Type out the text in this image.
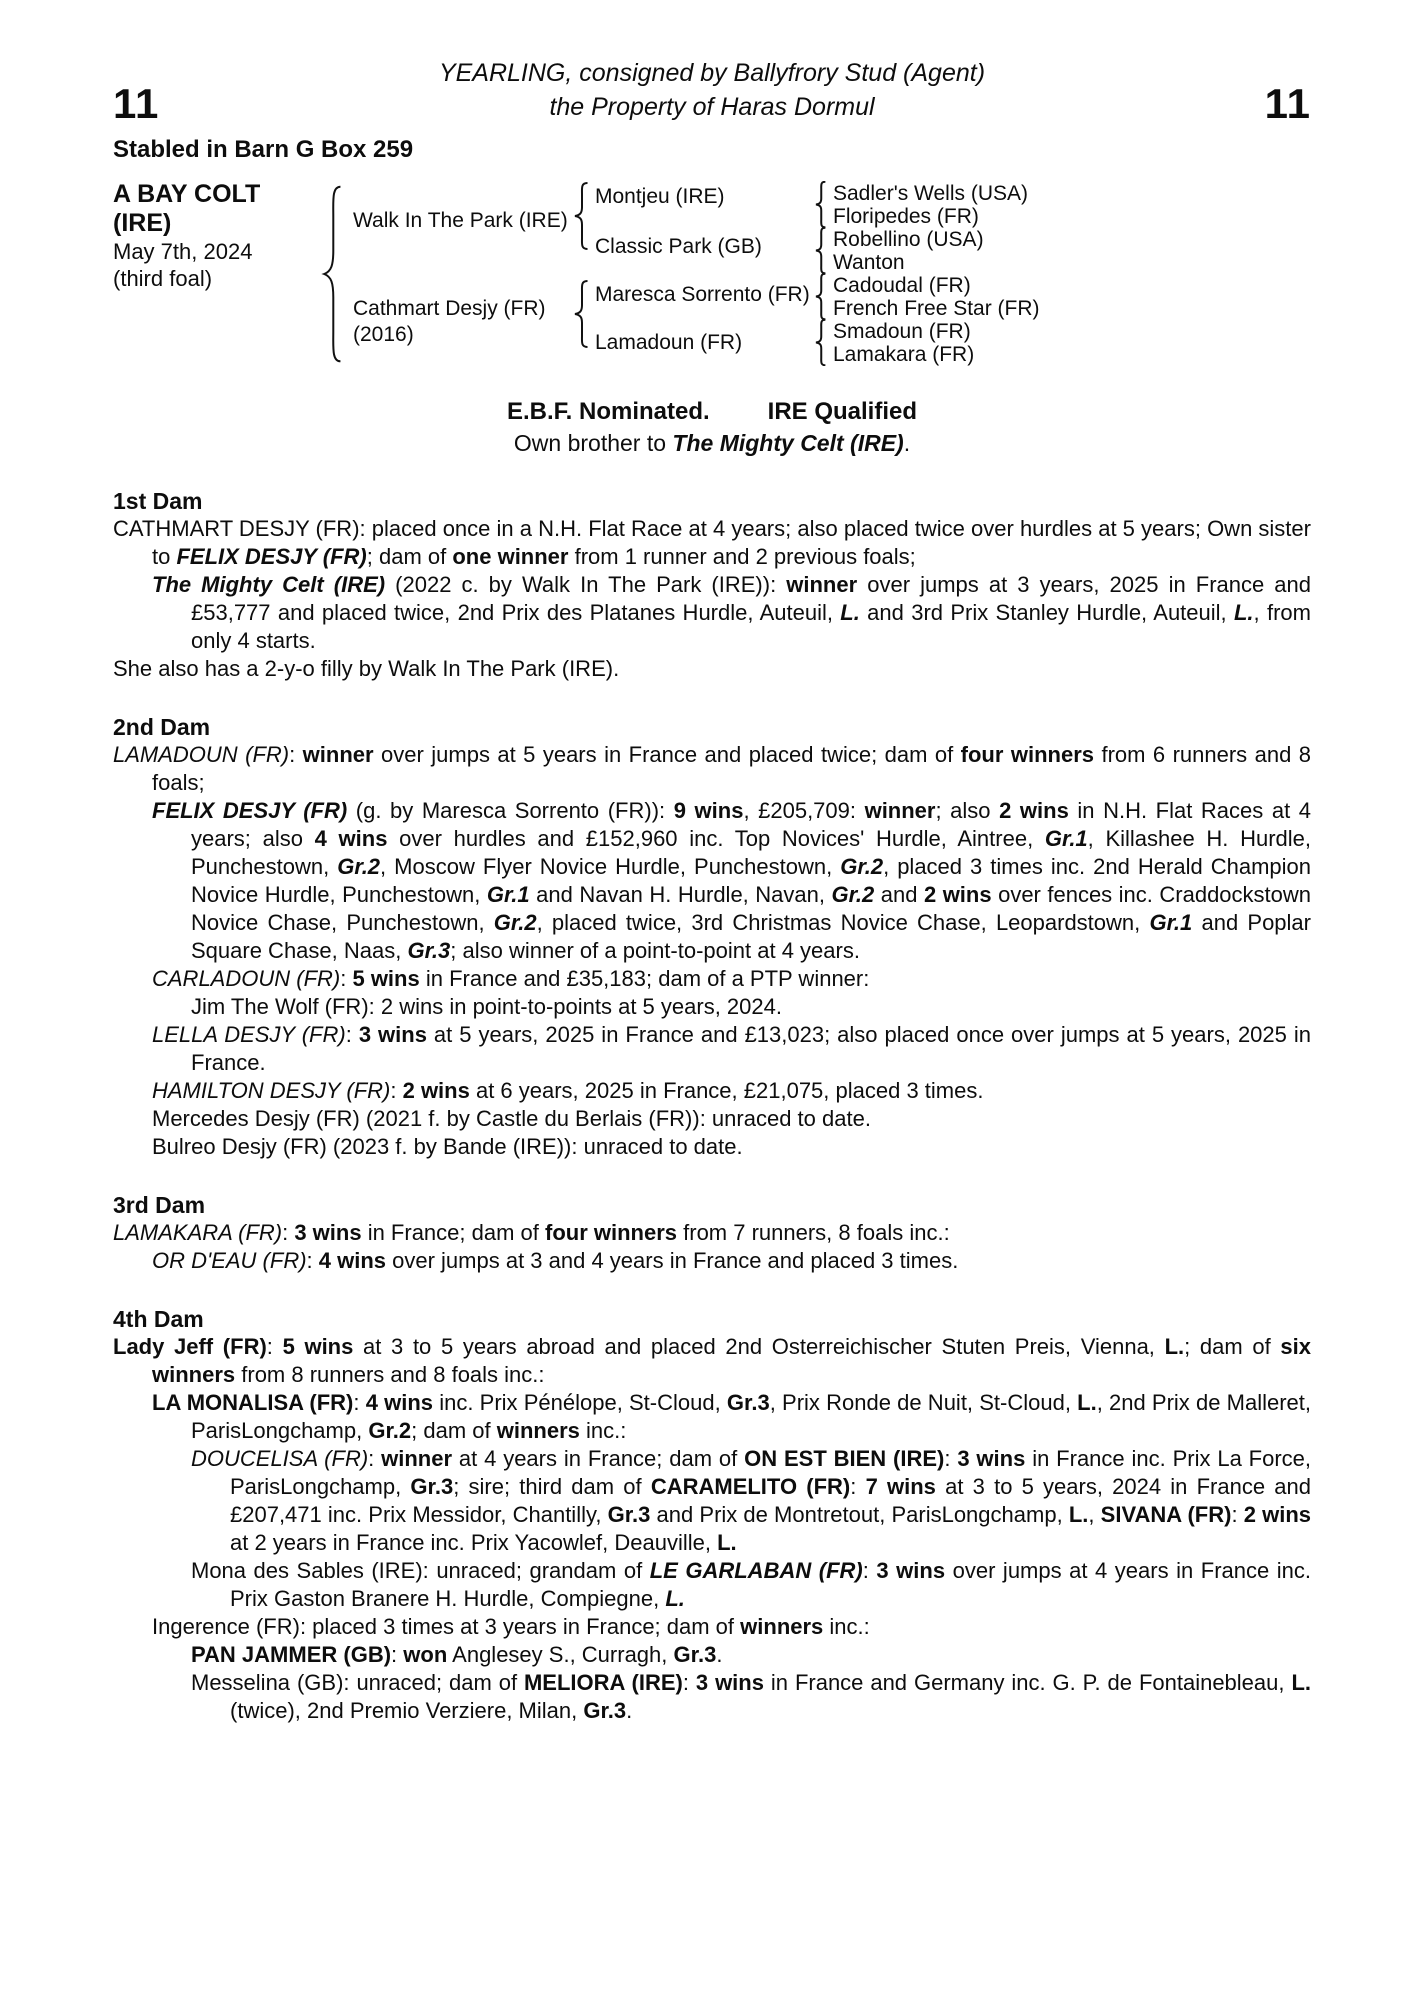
11
YEARLING, consigned by Ballyfrory Stud (Agent)
the Property of Haras Dormul	11
Stabled in Barn G Box 259
A BAY COLT
(IRE)
May 7th, 2024
(third foal)
Walk In The Park (IRE)
Cathmart Desjy (FR)
(2016)
Montjeu (IRE)
Classic Park (GB)
Maresca Sorrento (FR)
Lamadoun (FR)
Sadler's Wells (USA)
Floripedes (FR)
Robellino (USA)
Wanton
Cadoudal (FR)
French Free Star (FR)
Smadoun (FR)
Lamakara (FR)
E.B.F. Nominated. IRE Qualified
Own brother to The Mighty Celt (IRE).
1st Dam

CATHMART DESJY (FR): placed once in a N.H. Flat Race at 4 years; also placed twice over hurdles at 5 years; Own sister to FELIX DESJY (FR); dam of one winner from 1 runner and 2 previous foals;

The Mighty Celt (IRE) (2022 c. by Walk In The Park (IRE)): winner over jumps at 3 years, 2025 in France and £53,777 and placed twice, 2nd Prix des Platanes Hurdle, Auteuil, L. and 3rd Prix Stanley Hurdle, Auteuil, L., from only 4 starts.

She also has a 2-y-o filly by Walk In The Park (IRE).

2nd Dam

LAMADOUN (FR): winner over jumps at 5 years in France and placed twice; dam of four winners from 6 runners and 8 foals;

FELIX DESJY (FR) (g. by Maresca Sorrento (FR)): 9 wins, £205,709: winner; also 2 wins in N.H. Flat Races at 4 years; also 4 wins over hurdles and £152,960 inc. Top Novices' Hurdle, Aintree, Gr.1, Killashee H. Hurdle, Punchestown, Gr.2, Moscow Flyer Novice Hurdle, Punchestown, Gr.2, placed 3 times inc. 2nd Herald Champion Novice Hurdle, Punchestown, Gr.1 and Navan H. Hurdle, Navan, Gr.2 and 2 wins over fences inc. Craddockstown Novice Chase, Punchestown, Gr.2, placed twice, 3rd Christmas Novice Chase, Leopardstown, Gr.1 and Poplar Square Chase, Naas, Gr.3; also winner of a point-to-point at 4 years.

CARLADOUN (FR): 5 wins in France and £35,183; dam of a PTP winner:

Jim The Wolf (FR): 2 wins in point-to-points at 5 years, 2024.

LELLA DESJY (FR): 3 wins at 5 years, 2025 in France and £13,023; also placed once over jumps at 5 years, 2025 in France.

HAMILTON DESJY (FR): 2 wins at 6 years, 2025 in France, £21,075, placed 3 times.

Mercedes Desjy (FR) (2021 f. by Castle du Berlais (FR)): unraced to date.

Bulreo Desjy (FR) (2023 f. by Bande (IRE)): unraced to date.

3rd Dam

LAMAKARA (FR): 3 wins in France; dam of four winners from 7 runners, 8 foals inc.:

OR D'EAU (FR): 4 wins over jumps at 3 and 4 years in France and placed 3 times.

4th Dam

Lady Jeff (FR): 5 wins at 3 to 5 years abroad and placed 2nd Osterreichischer Stuten Preis, Vienna, L.; dam of six winners from 8 runners and 8 foals inc.:

LA MONALISA (FR): 4 wins inc. Prix Pénélope, St-Cloud, Gr.3, Prix Ronde de Nuit, St-Cloud, L., 2nd Prix de Malleret, ParisLongchamp, Gr.2; dam of winners inc.:

DOUCELISA (FR): winner at 4 years in France; dam of ON EST BIEN (IRE): 3 wins in France inc. Prix La Force, ParisLongchamp, Gr.3; sire; third dam of CARAMELITO (FR): 7 wins at 3 to 5 years, 2024 in France and £207,471 inc. Prix Messidor, Chantilly, Gr.3 and Prix de Montretout, ParisLongchamp, L., SIVANA (FR): 2 wins at 2 years in France inc. Prix Yacowlef, Deauville, L.

Mona des Sables (IRE): unraced; grandam of LE GARLABAN (FR): 3 wins over jumps at 4 years in France inc. Prix Gaston Branere H. Hurdle, Compiegne, L.

Ingerence (FR): placed 3 times at 3 years in France; dam of winners inc.:

PAN JAMMER (GB): won Anglesey S., Curragh, Gr.3.

Messelina (GB): unraced; dam of MELIORA (IRE): 3 wins in France and Germany inc. G. P. de Fontainebleau, L. (twice), 2nd Premio Verziere, Milan, Gr.3.
